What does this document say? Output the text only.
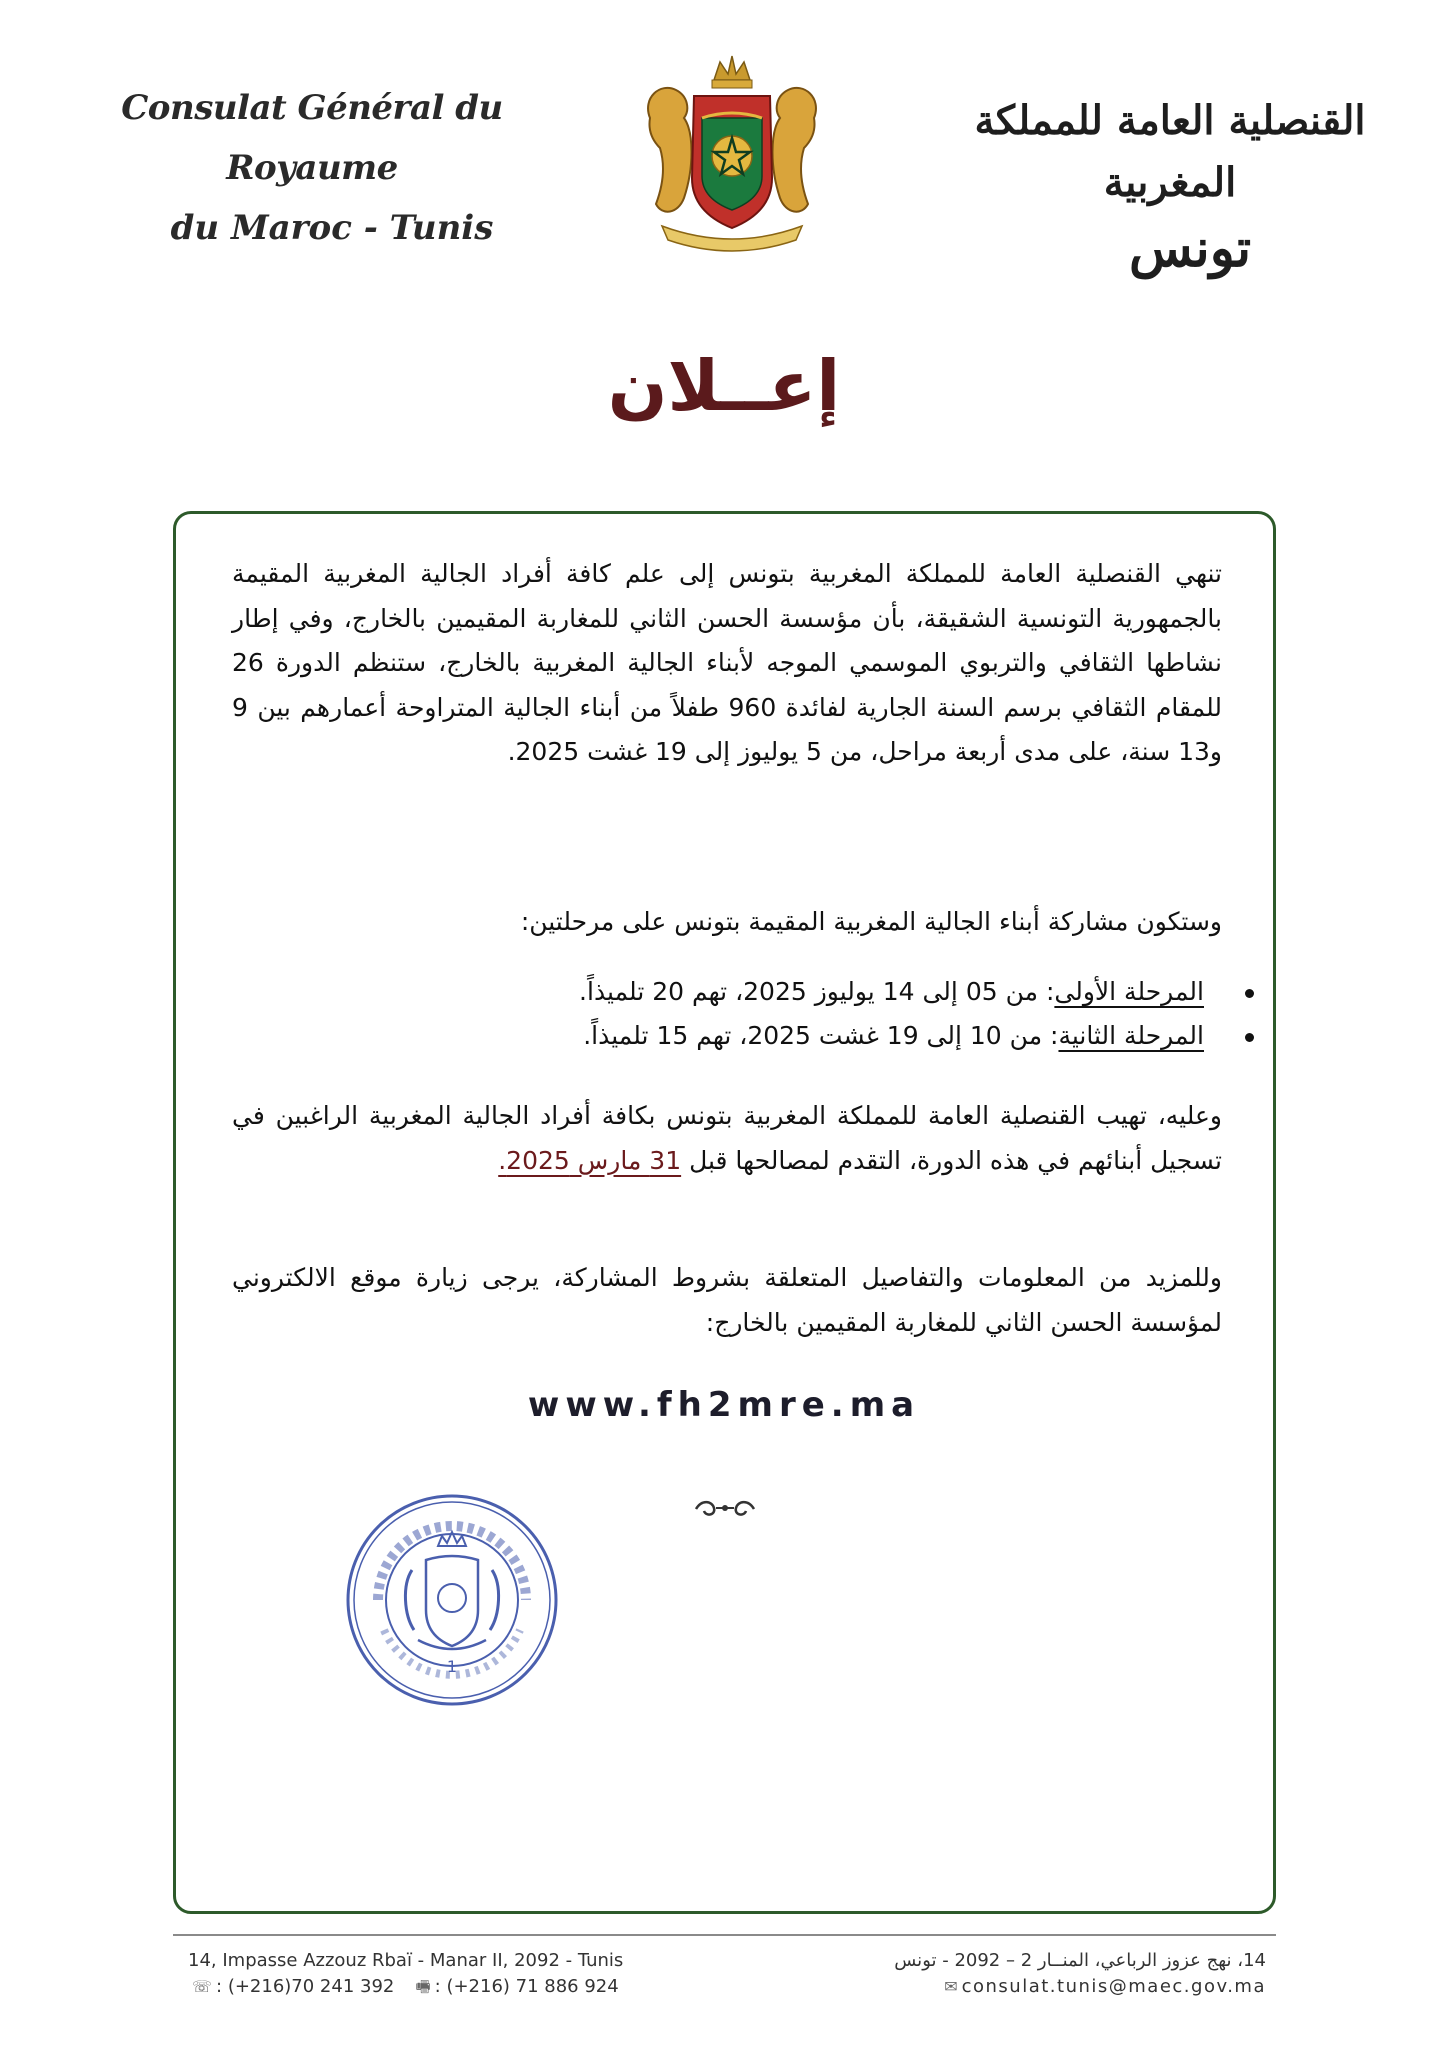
Consulat Général du Royaume
du Maroc - Tunis
القنصلية العامة للمملكة المغربية
تونس
إعــلان
تنهي القنصلية العامة للمملكة المغربية بتونس إلى علم كافة أفراد الجالية المغربية المقيمة بالجمهورية التونسية الشقيقة، بأن مؤسسة الحسن الثاني للمغاربة المقيمين بالخارج، وفي إطار نشاطها الثقافي والتربوي الموسمي الموجه لأبناء الجالية المغربية بالخارج، ستنظم الدورة 26 للمقام الثقافي برسم السنة الجارية لفائدة 960 طفلاً من أبناء الجالية المتراوحة أعمارهم بين 9 و13 سنة، على مدى أربعة مراحل، من 5 يوليوز إلى 19 غشت 2025.
وستكون مشاركة أبناء الجالية المغربية المقيمة بتونس على مرحلتين:
المرحلة الأولى: من 05 إلى 14 يوليوز 2025، تهم 20 تلميذاً.
المرحلة الثانية: من 10 إلى 19 غشت 2025، تهم 15 تلميذاً.
وعليه، تهيب القنصلية العامة للمملكة المغربية بتونس بكافة أفراد الجالية المغربية الراغبين في تسجيل أبنائهم في هذه الدورة، التقدم لمصالحها قبل 31 مارس 2025.
وللمزيد من المعلومات والتفاصيل المتعلقة بشروط المشاركة، يرجى زيارة موقع الالكتروني لمؤسسة الحسن الثاني للمغاربة المقيمين بالخارج:
www.fh2mre.ma
1
14, Impasse Azzouz Rbaï - Manar II, 2092 - Tunis
☏ : (+216)70 241 392 🖷 : (+216) 71 886 924
14، نهج عزوز الرباعي، المنــار 2 – 2092 - تونس
consulat.tunis@maec.gov.ma✉
